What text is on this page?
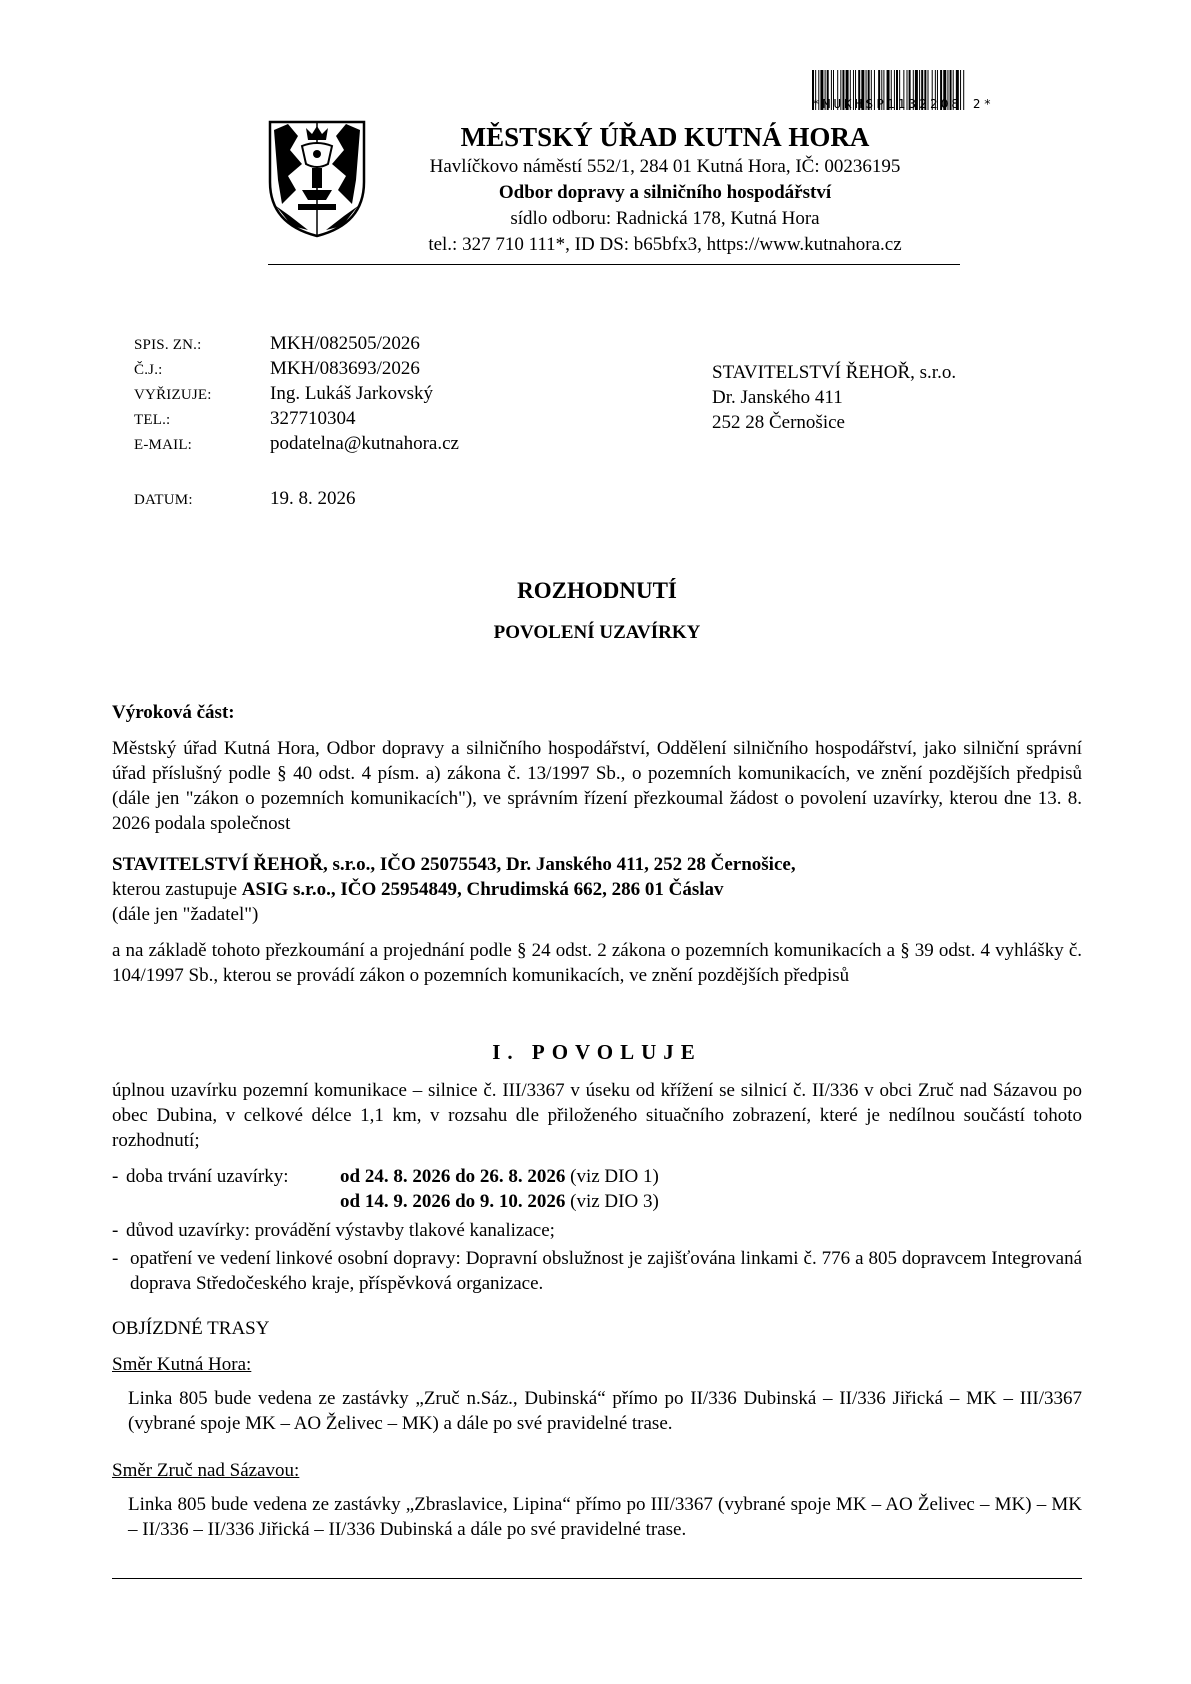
*MUKHSP1132208 2*
MĚSTSKÝ ÚŘAD KUTNÁ HORA
Havlíčkovo náměstí 552/1, 284 01 Kutná Hora, IČ: 00236195
Odbor dopravy a silničního hospodářství
sídlo odboru: Radnická 178, Kutná Hora
tel.: 327 710 111*, ID DS: b65bfx3, https://www.kutnahora.cz
SPIS. ZN.:	MKH/082505/2026
Č.J.:	MKH/083693/2026
VYŘIZUJE:	Ing. Lukáš Jarkovský
TEL.:	327710304
E-MAIL:	podatelna@kutnahora.cz
DATUM:	19. 8. 2026
STAVITELSTVÍ ŘEHOŘ, s.r.o.
Dr. Janského 411
252 28 Černošice
ROZHODNUTÍ
POVOLENÍ UZAVÍRKY
Výroková část:
Městský úřad Kutná Hora, Odbor dopravy a silničního hospodářství, Oddělení silničního hospodářství, jako silniční správní úřad příslušný podle § 40 odst. 4 písm. a) zákona č. 13/1997 Sb., o pozemních komunikacích, ve znění pozdějších předpisů (dále jen "zákon o pozemních komunikacích"), ve správním řízení přezkoumal žádost o povolení uzavírky, kterou dne 13. 8. 2026 podala společnost
STAVITELSTVÍ ŘEHOŘ, s.r.o., IČO 25075543, Dr. Janského 411, 252 28 Černošice,
kterou zastupuje ASIG s.r.o., IČO 25954849, Chrudimská 662, 286 01 Čáslav
(dále jen "žadatel")
a na základě tohoto přezkoumání a projednání podle § 24 odst. 2 zákona o pozemních komunikacích a § 39 odst. 4 vyhlášky č. 104/1997 Sb., kterou se provádí zákon o pozemních komunikacích, ve znění pozdějších předpisů
I. POVOLUJE
úplnou uzavírku pozemní komunikace – silnice č. III/3367 v úseku od křížení se silnicí č. II/336 v obci Zruč nad Sázavou po obec Dubina, v celkové délce 1,1 km, v rozsahu dle přiloženého situačního zobrazení, které je nedílnou součástí tohoto rozhodnutí;
- doba trvání uzavírky:	od 24. 8. 2026 do 26. 8. 2026 (viz DIO 1)
od 14. 9. 2026 do 9. 10. 2026 (viz DIO 3)
- důvod uzavírky: provádění výstavby tlakové kanalizace;
- opatření ve vedení linkové osobní dopravy: Dopravní obslužnost je zajišťována linkami č. 776 a 805 dopravcem Integrovaná doprava Středočeského kraje, příspěvková organizace.
OBJÍZDNÉ TRASY
Směr Kutná Hora:
Linka 805 bude vedena ze zastávky „Zruč n.Sáz., Dubinská“ přímo po II/336 Dubinská – II/336 Jiřická – MK – III/3367 (vybrané spoje MK – AO Želivec – MK) a dále po své pravidelné trase.
Směr Zruč nad Sázavou:
Linka 805 bude vedena ze zastávky „Zbraslavice, Lipina“ přímo po III/3367 (vybrané spoje MK – AO Želivec – MK) – MK – II/336 – II/336 Jiřická – II/336 Dubinská a dále po své pravidelné trase.
